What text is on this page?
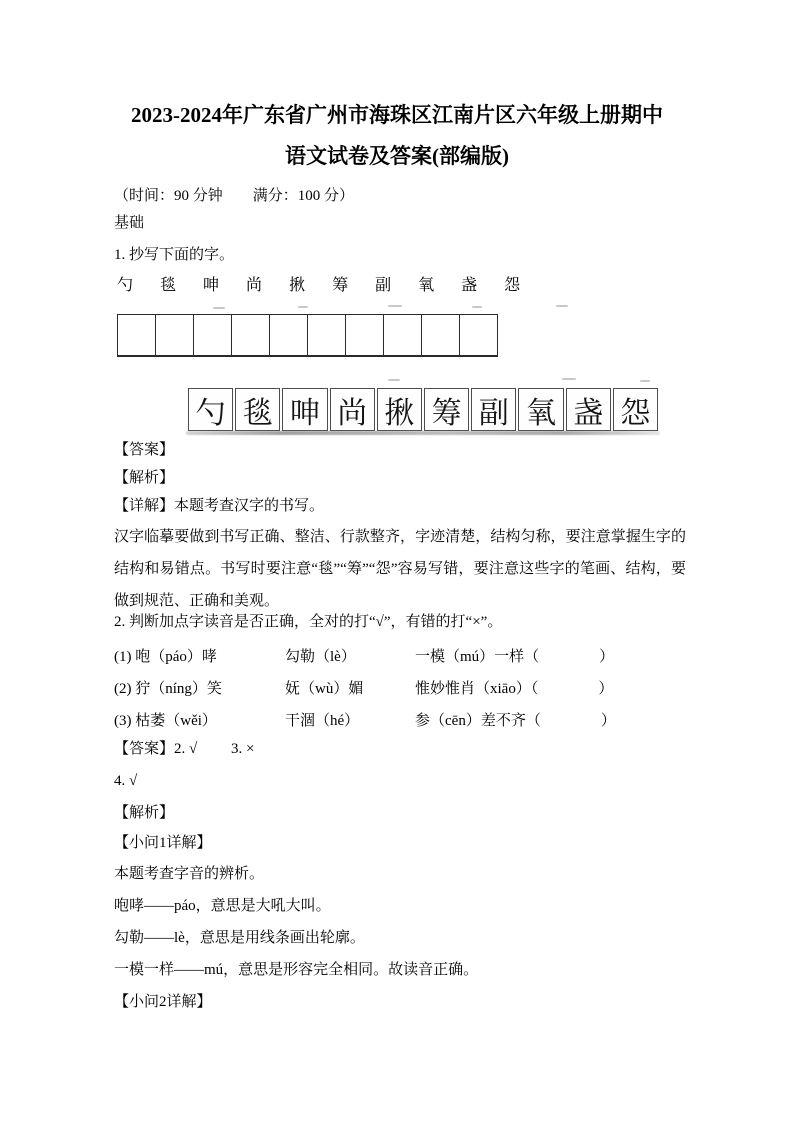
2023-2024年广东省广州市海珠区江南片区六年级上册期中
语文试卷及答案(部编版)
（时间：90 分钟　　满分：100 分）
基础
1. 抄写下面的字。
勺 毯 呻 尚 揪 筹 副 氧 盏 怨
勺 毯 呻 尚 揪 筹 副 氧 盏 怨
【答案】
【解析】
【详解】本题考查汉字的书写。
汉字临摹要做到书写正确、整洁、行款整齐，字迹清楚，结构匀称，要注意掌握生字的结构和易错点。书写时要注意“毯”“筹”“怨”容易写错，要注意这些字的笔画、结构，要做到规范、正确和美观。
2. 判断加点字读音是否正确，全对的打“√”，有错的打“×”。
(1) 咆（páo）哮	勾勒（lè）	一模（mú）一样（　　　　）
(2) 狞（níng）笑	妩（wù）媚	惟妙惟肖（xiāo）（　　　　）
(3) 枯萎（wěi）	干涸（hé）	参（cēn）差不齐（　　　　）
【答案】2. √　　 3. ×
4. √
【解析】
【小问1详解】
本题考查字音的辨析。
咆哮——páo，意思是大吼大叫。
勾勒——lè，意思是用线条画出轮廓。
一模一样——mú，意思是形容完全相同。故读音正确。
【小问2详解】
